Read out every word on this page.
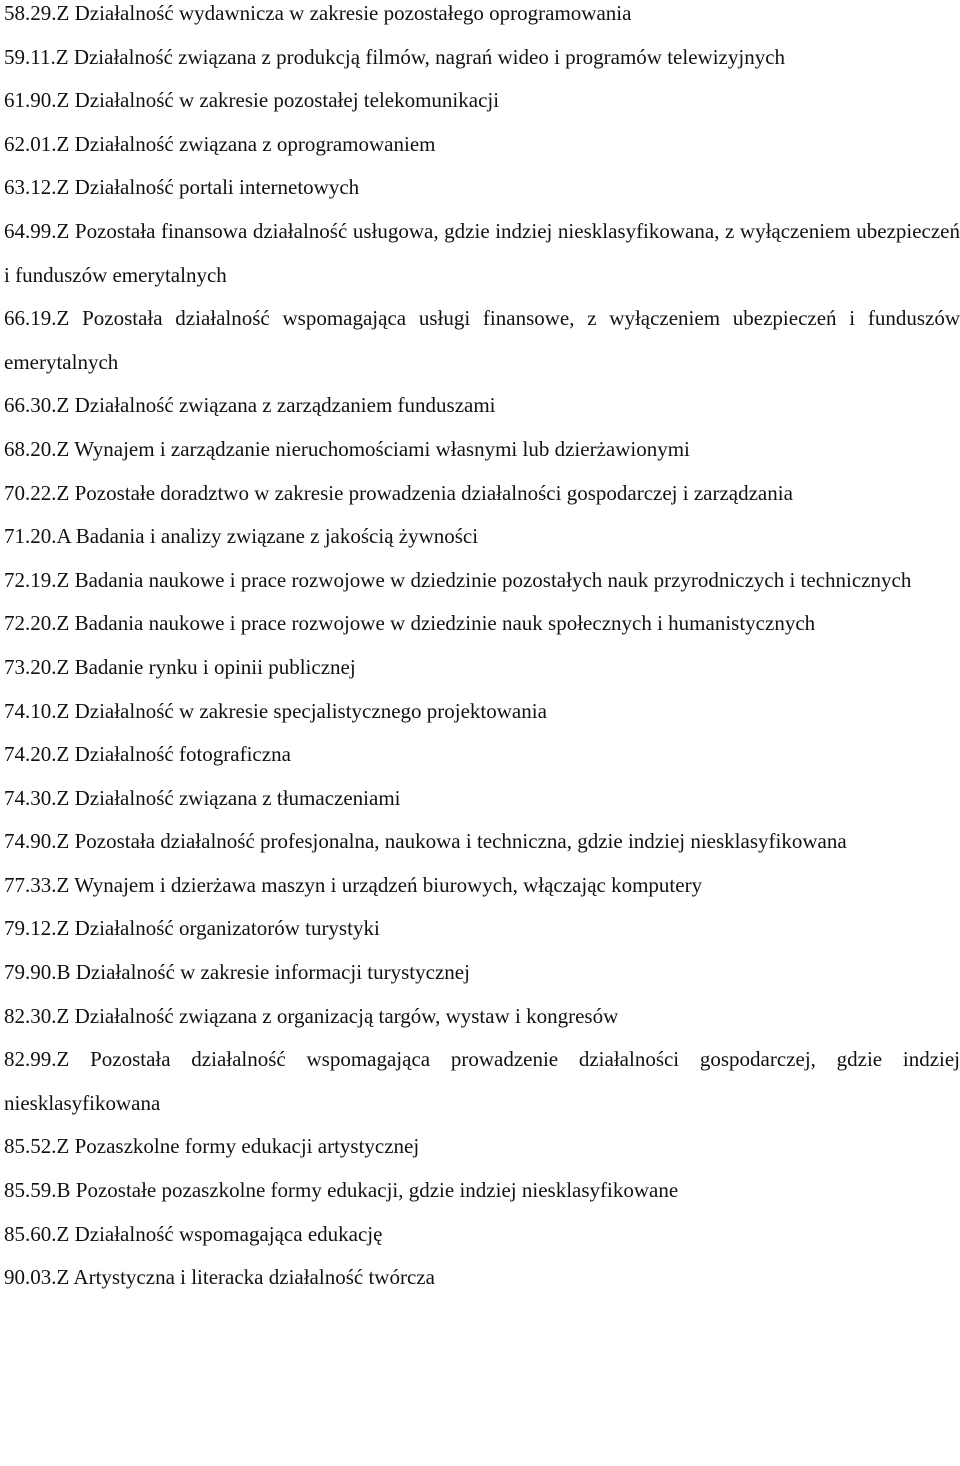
58.29.Z Działalność wydawnicza w zakresie pozostałego oprogramowania

59.11.Z Działalność związana z produkcją filmów, nagrań wideo i programów telewizyjnych

61.90.Z Działalność w zakresie pozostałej telekomunikacji

62.01.Z Działalność związana z oprogramowaniem

63.12.Z Działalność portali internetowych

64.99.Z Pozostała finansowa działalność usługowa, gdzie indziej niesklasyfikowana, z wyłączeniem ubezpieczeń i funduszów emerytalnych

66.19.Z Pozostała działalność wspomagająca usługi finansowe, z wyłączeniem ubezpieczeń i funduszów emerytalnych

66.30.Z Działalność związana z zarządzaniem funduszami

68.20.Z Wynajem i zarządzanie nieruchomościami własnymi lub dzierżawionymi

70.22.Z Pozostałe doradztwo w zakresie prowadzenia działalności gospodarczej i zarządzania

71.20.A Badania i analizy związane z jakością żywności

72.19.Z Badania naukowe i prace rozwojowe w dziedzinie pozostałych nauk przyrodniczych i technicznych

72.20.Z Badania naukowe i prace rozwojowe w dziedzinie nauk społecznych i humanistycznych

73.20.Z Badanie rynku i opinii publicznej

74.10.Z Działalność w zakresie specjalistycznego projektowania

74.20.Z Działalność fotograficzna

74.30.Z Działalność związana z tłumaczeniami

74.90.Z Pozostała działalność profesjonalna, naukowa i techniczna, gdzie indziej niesklasyfikowana

77.33.Z Wynajem i dzierżawa maszyn i urządzeń biurowych, włączając komputery

79.12.Z Działalność organizatorów turystyki

79.90.B Działalność w zakresie informacji turystycznej

82.30.Z Działalność związana z organizacją targów, wystaw i kongresów

82.99.Z Pozostała działalność wspomagająca prowadzenie działalności gospodarczej, gdzie indziej niesklasyfikowana

85.52.Z Pozaszkolne formy edukacji artystycznej

85.59.B Pozostałe pozaszkolne formy edukacji, gdzie indziej niesklasyfikowane

85.60.Z Działalność wspomagająca edukację

90.03.Z Artystyczna i literacka działalność twórcza
